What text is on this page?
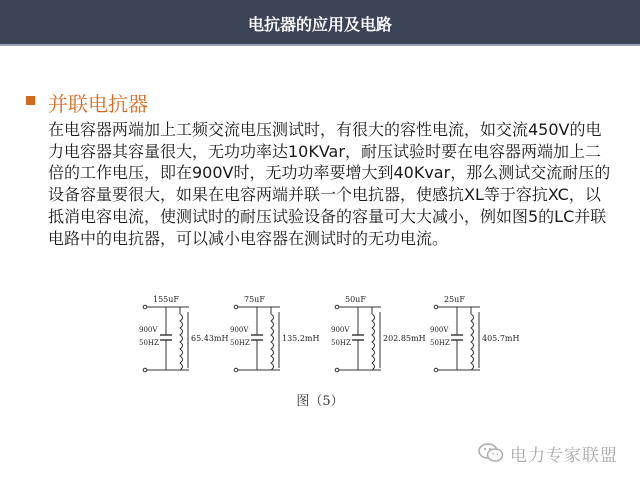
电抗器的应用及电路
并联电抗器
在电容器两端加上工频交流电压测试时，有很大的容性电流，如交流450V的电力电容器其容量很大，无功功率达10KVar，耐压试验时要在电容器两端加上二倍的工作电压，即在900V时，无功功率要增大到40Kvar，那么测试交流耐压的设备容量要很大，如果在电容两端并联一个电抗器，使感抗XL等于容抗XC，以抵消电容电流，使测试时的耐压试验设备的容量可大大减小，例如图5的LC并联电路中的电抗器，可以减小电容器在测试时的无功电流。
155uF
900V
50HZ	65.43mH
75uF
900V
50HZ	135.2mH
50uF
900V
50HZ	202.85mH
25uF
900V
50HZ	405.7mH
图（5）
电力专家联盟
